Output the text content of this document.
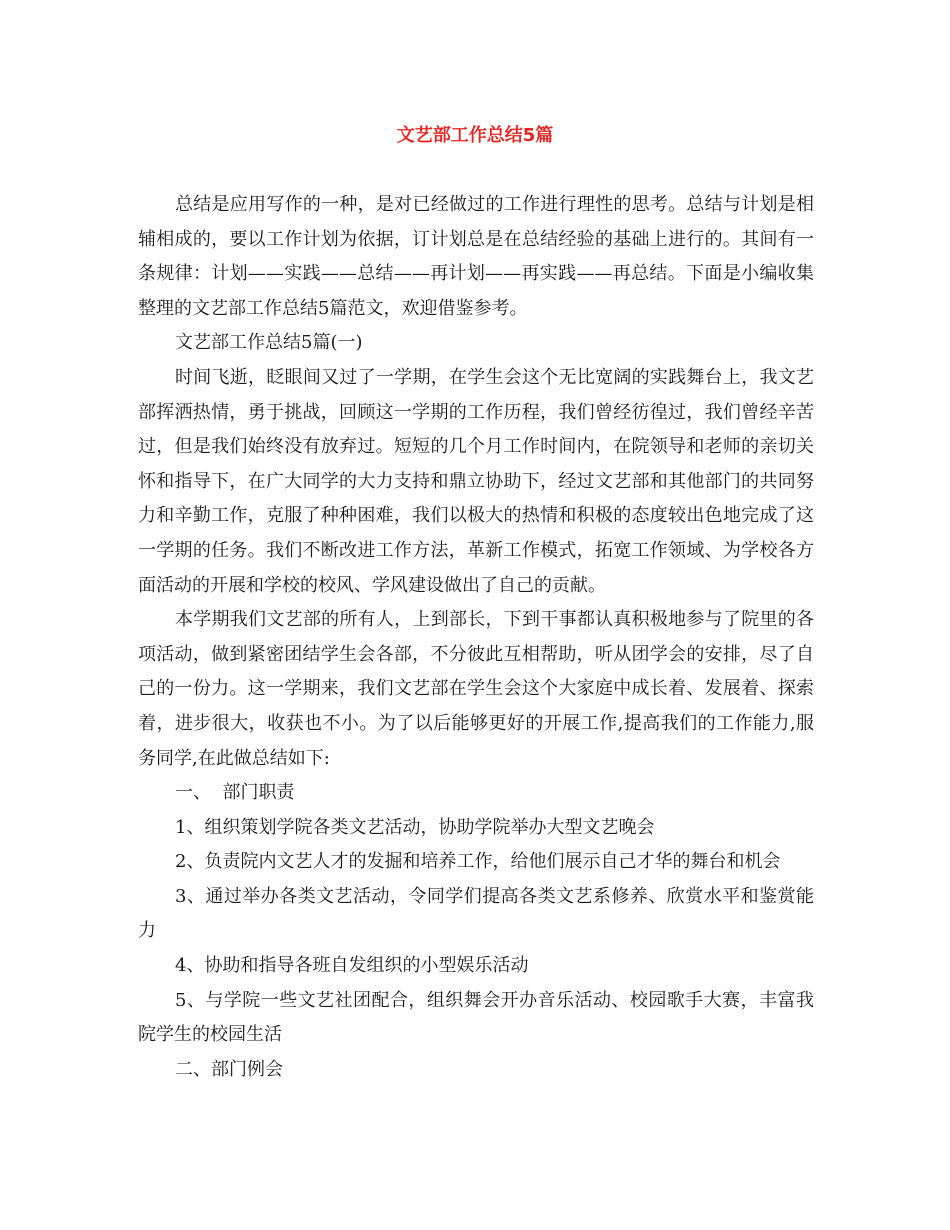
文艺部工作总结5篇

总结是应用写作的一种，是对已经做过的工作进行理性的思考。总结与计划是相辅相成的，要以工作计划为依据，订计划总是在总结经验的基础上进行的。其间有一条规律：计划——实践——总结——再计划——再实践——再总结。下面是小编收集整理的文艺部工作总结5篇范文，欢迎借鉴参考。

文艺部工作总结5篇(一)

时间飞逝，眨眼间又过了一学期，在学生会这个无比宽阔的实践舞台上，我文艺部挥洒热情，勇于挑战，回顾这一学期的工作历程，我们曾经彷徨过，我们曾经辛苦过，但是我们始终没有放弃过。短短的几个月工作时间内，在院领导和老师的亲切关怀和指导下，在广大同学的大力支持和鼎立协助下，经过文艺部和其他部门的共同努力和辛勤工作，克服了种种困难，我们以极大的热情和积极的态度较出色地完成了这一学期的任务。我们不断改进工作方法，革新工作模式，拓宽工作领域、为学校各方面活动的开展和学校的校风、学风建设做出了自己的贡献。

本学期我们文艺部的所有人，上到部长，下到干事都认真积极地参与了院里的各项活动，做到紧密团结学生会各部，不分彼此互相帮助，听从团学会的安排，尽了自己的一份力。这一学期来，我们文艺部在学生会这个大家庭中成长着、发展着、探索着，进步很大，收获也不小。为了以后能够更好的开展工作,提高我们的工作能力,服务同学,在此做总结如下:

一、  部门职责

1、组织策划学院各类文艺活动，协助学院举办大型文艺晚会

2、负责院内文艺人才的发掘和培养工作，给他们展示自己才华的舞台和机会

3、通过举办各类文艺活动，令同学们提高各类文艺系修养、欣赏水平和鉴赏能力

4、协助和指导各班自发组织的小型娱乐活动

5、与学院一些文艺社团配合，组织舞会开办音乐活动、校园歌手大赛，丰富我院学生的校园生活

二、部门例会
